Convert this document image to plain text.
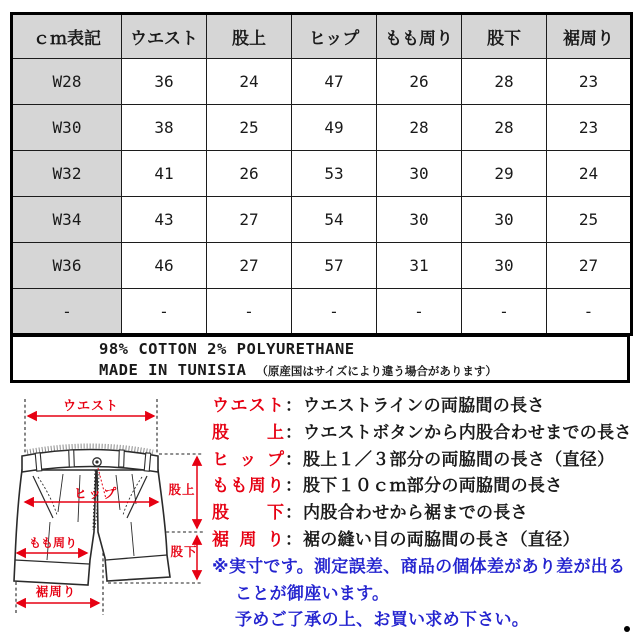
ｃｍ表記	ウエスト	股上	ヒップ	もも周り	股下	裾周り
W28	36	24	47	26	28	23
W30	38	25	49	28	28	23
W32	41	26	53	30	29	24
W34	43	27	54	30	30	25
W36	46	27	57	31	30	27
-	-	-	-	-	-	-
98% COTTON 2% POLYURETHANE
MADE IN TUNISIA （原産国はサイズにより違う場合があります）
ウエスト
股上
ヒップ
もも周り
股下
裾周り
ウエスト ： ウエストラインの両脇間の長さ
股上 ： ウエストボタンから内股合わせまでの長さ
ヒップ ： 股上１／３部分の両脇間の長さ（直径）
もも周り ： 股下１０ｃｍ部分の両脇間の長さ
股下 ： 内股合わせから裾までの長さ
裾周り ： 裾の縫い目の両脇間の長さ（直径）
※実寸です。測定誤差、商品の個体差があり差が出る
ことが御座います。
予めご了承の上、お買い求め下さい。
